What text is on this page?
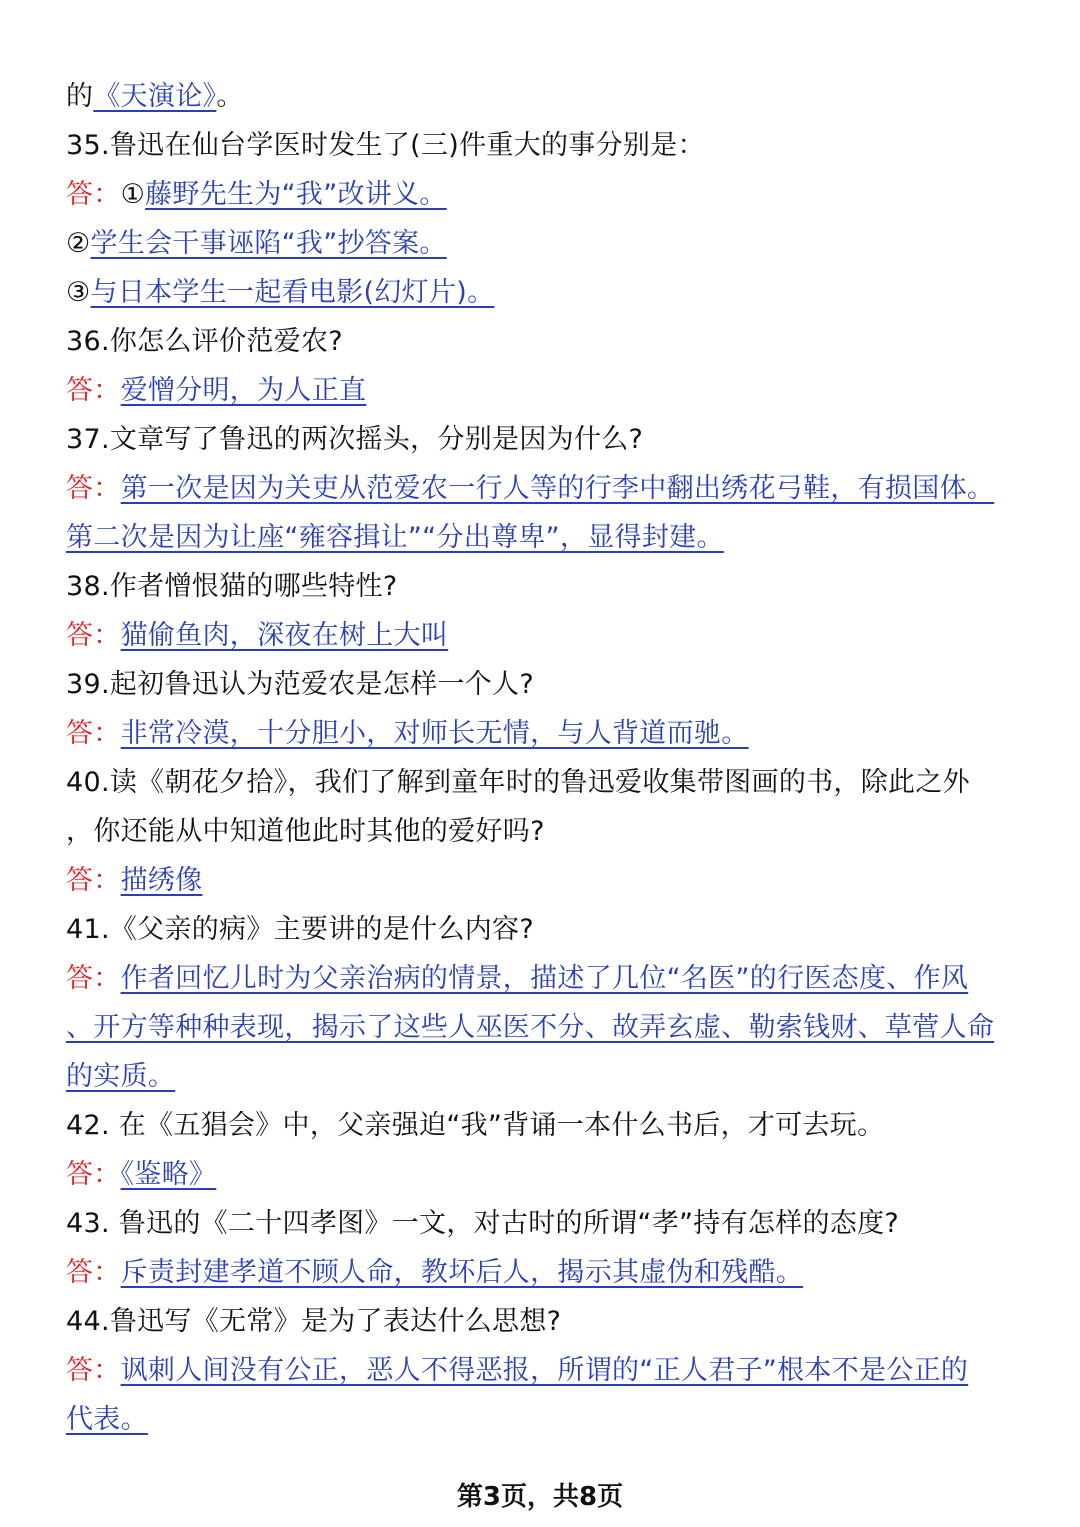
的《天演论》。
35.鲁迅在仙台学医时发生了(三)件重大的事分别是：
答：①藤野先生为“我”改讲义。
②学生会干事诬陷“我”抄答案。
③与日本学生一起看电影(幻灯片)。
36.你怎么评价范爱农?
答：爱憎分明，为人正直
37.文章写了鲁迅的两次摇头，分别是因为什么?
答：第一次是因为关吏从范爱农一行人等的行李中翻出绣花弓鞋，有损国体。
第二次是因为让座“雍容揖让”“分出尊卑”，显得封建。
38.作者憎恨猫的哪些特性?
答：猫偷鱼肉，深夜在树上大叫
39.起初鲁迅认为范爱农是怎样一个人?
答：非常冷漠，十分胆小，对师长无情，与人背道而驰。
40.读《朝花夕拾》，我们了解到童年时的鲁迅爱收集带图画的书，除此之外
，你还能从中知道他此时其他的爱好吗?
答：描绣像
41.《父亲的病》主要讲的是什么内容?
答：作者回忆儿时为父亲治病的情景，描述了几位“名医”的行医态度、作风
、开方等种种表现，揭示了这些人巫医不分、故弄玄虚、勒索钱财、草菅人命
的实质。
42. 在《五猖会》中，父亲强迫“我”背诵一本什么书后，才可去玩。
答：《鉴略》
43. 鲁迅的《二十四孝图》一文，对古时的所谓“孝”持有怎样的态度?
答：斥责封建孝道不顾人命，教坏后人，揭示其虚伪和残酷。
44.鲁迅写《无常》是为了表达什么思想?
答：讽刺人间没有公正，恶人不得恶报，所谓的“正人君子”根本不是公正的
代表。
第3页，共8页
